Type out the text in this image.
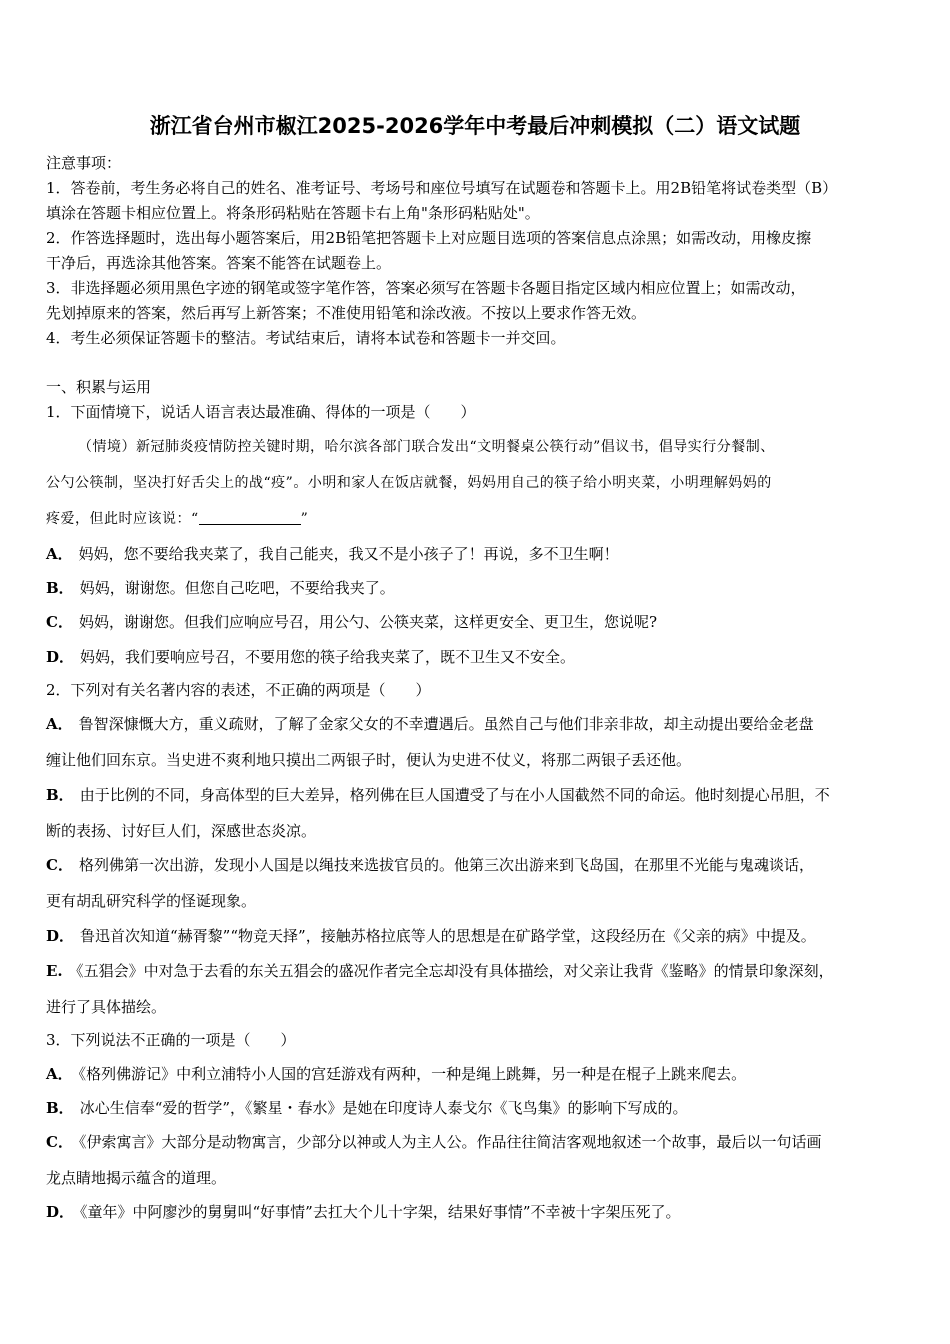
浙江省台州市椒江2025-2026学年中考最后冲刺模拟（二）语文试题
注意事项：
1．答卷前，考生务必将自己的姓名、准考证号、考场号和座位号填写在试题卷和答题卡上。用2B铅笔将试卷类型（B）
填涂在答题卡相应位置上。将条形码粘贴在答题卡右上角"条形码粘贴处"。
2．作答选择题时，选出每小题答案后，用2B铅笔把答题卡上对应题目选项的答案信息点涂黑；如需改动，用橡皮擦
干净后，再选涂其他答案。答案不能答在试题卷上。
3．非选择题必须用黑色字迹的钢笔或签字笔作答，答案必须写在答题卡各题目指定区域内相应位置上；如需改动，
先划掉原来的答案，然后再写上新答案；不准使用铅笔和涂改液。不按以上要求作答无效。
4．考生必须保证答题卡的整洁。考试结束后，请将本试卷和答题卡一并交回。
一、积累与运用
1．下面情境下，说话人语言表达最准确、得体的一项是（　　）
（情境）新冠肺炎疫情防控关键时期，哈尔滨各部门联合发出“文明餐桌公筷行动”倡议书，倡导实行分餐制、
公勺公筷制，坚决打好舌尖上的战“疫”。小明和家人在饭店就餐，妈妈用自己的筷子给小明夹菜，小明理解妈妈的
疼爱，但此时应该说：“	”
A． 妈妈，您不要给我夹菜了，我自己能夹，我又不是小孩子了！再说，多不卫生啊！
B． 妈妈，谢谢您。但您自己吃吧，不要给我夹了。
C． 妈妈，谢谢您。但我们应响应号召，用公勺、公筷夹菜，这样更安全、更卫生，您说呢?
D． 妈妈，我们要响应号召，不要用您的筷子给我夹菜了，既不卫生又不安全。
2．下列对有关名著内容的表述，不正确的两项是（　　）
A． 鲁智深慷慨大方，重义疏财，了解了金家父女的不幸遭遇后。虽然自己与他们非亲非故，却主动提出要给金老盘
缠让他们回东京。当史进不爽利地只摸出二两银子时，便认为史进不仗义，将那二两银子丢还他。
B． 由于比例的不同，身高体型的巨大差异，格列佛在巨人国遭受了与在小人国截然不同的命运。他时刻提心吊胆，不
断的表扬、讨好巨人们，深感世态炎凉。
C． 格列佛第一次出游，发现小人国是以绳技来选拔官员的。他第三次出游来到飞岛国，在那里不光能与鬼魂谈话，
更有胡乱研究科学的怪诞现象。
D． 鲁迅首次知道“赫胥黎”“物竞天择”，接触苏格拉底等人的思想是在矿路学堂，这段经历在《父亲的病》中提及。
E. 《五猖会》中对急于去看的东关五猖会的盛况作者完全忘却没有具体描绘，对父亲让我背《鉴略》的情景印象深刻，
进行了具体描绘。
3．下列说法不正确的一项是（　　）
A． 《格列佛游记》中利立浦特小人国的宫廷游戏有两种，一种是绳上跳舞，另一种是在棍子上跳来爬去。
B． 冰心生信奉“爱的哲学”，《繁星・春水》是她在印度诗人泰戈尔《飞鸟集》的影响下写成的。
C． 《伊索寓言》大部分是动物寓言，少部分以神或人为主人公。作品往往简洁客观地叙述一个故事，最后以一句话画
龙点睛地揭示蕴含的道理。
D． 《童年》中阿廖沙的舅舅叫“好事情”去扛大个儿十字架，结果好事情”不幸被十字架压死了。
